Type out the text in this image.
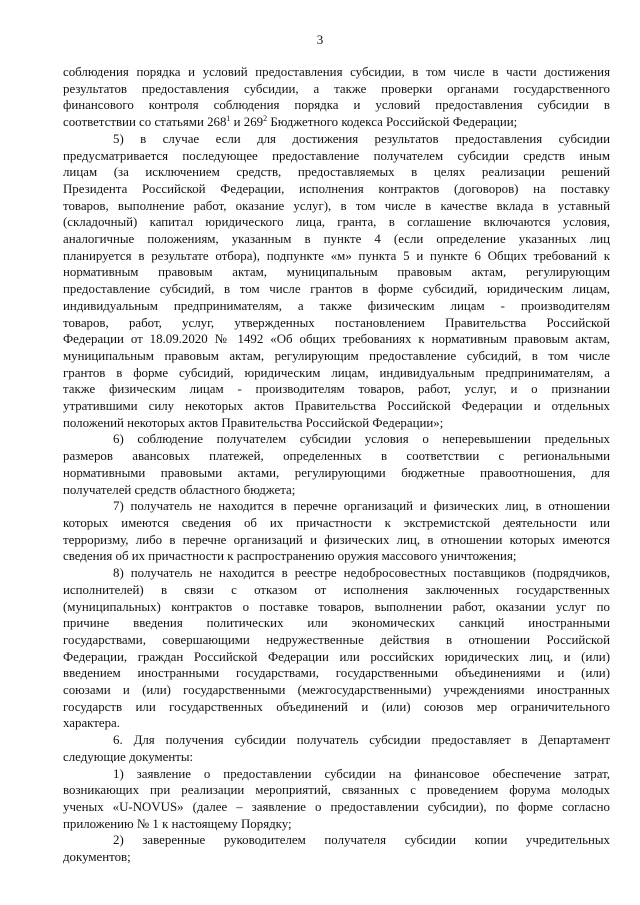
3
соблюдения порядка и условий предоставления субсидии, в том числе в части достижения
результатов предоставления субсидии, а также проверки органами государственного
финансового контроля соблюдения порядка и условий предоставления субсидии в
соответствии со статьями $268^1$ и $269^2$ Бюджетного кодекса Российской Федерации;
5) в случае если для достижения результатов предоставления субсидии
предусматривается последующее предоставление получателем субсидии средств иным
лицам (за исключением средств, предоставляемых в целях реализации решений
Президента Российской Федерации, исполнения контрактов (договоров) на поставку
товаров, выполнение работ, оказание услуг), в том числе в качестве вклада в уставный
(складочный) капитал юридического лица, гранта, в соглашение включаются условия,
аналогичные положениям, указанным в пункте 4 (если определение указанных лиц
планируется в результате отбора), подпункте «м» пункта 5 и пункте 6 Общих требований к
нормативным правовым актам, муниципальным правовым актам, регулирующим
предоставление субсидий, в том числе грантов в форме субсидий, юридическим лицам,
индивидуальным предпринимателям, а также физическим лицам - производителям
товаров, работ, услуг, утвержденных постановлением Правительства Российской
Федерации от 18.09.2020 № 1492 «Об общих требованиях к нормативным правовым актам,
муниципальным правовым актам, регулирующим предоставление субсидий, в том числе
грантов в форме субсидий, юридическим лицам, индивидуальным предпринимателям, а
также физическим лицам - производителям товаров, работ, услуг, и о признании
утратившими силу некоторых актов Правительства Российской Федерации и отдельных
положений некоторых актов Правительства Российской Федерации»;
6) соблюдение получателем субсидии условия о неперевышении предельных
размеров авансовых платежей, определенных в соответствии с региональными
нормативными правовыми актами, регулирующими бюджетные правоотношения, для
получателей средств областного бюджета;
7) получатель не находится в перечне организаций и физических лиц, в отношении
которых имеются сведения об их причастности к экстремистской деятельности или
терроризму, либо в перечне организаций и физических лиц, в отношении которых имеются
сведения об их причастности к распространению оружия массового уничтожения;
8) получатель не находится в реестре недобросовестных поставщиков (подрядчиков,
исполнителей) в связи с отказом от исполнения заключенных государственных
(муниципальных) контрактов о поставке товаров, выполнении работ, оказании услуг по
причине введения политических или экономических санкций иностранными
государствами, совершающими недружественные действия в отношении Российской
Федерации, граждан Российской Федерации или российских юридических лиц, и (или)
введением иностранными государствами, государственными объединениями и (или)
союзами и (или) государственными (межгосударственными) учреждениями иностранных
государств или государственных объединений и (или) союзов мер ограничительного
характера.
6. Для получения субсидии получатель субсидии предоставляет в Департамент
следующие документы:
1) заявление о предоставлении субсидии на финансовое обеспечение затрат,
возникающих при реализации мероприятий, связанных с проведением форума молодых
ученых «U-NOVUS» (далее – заявление о предоставлении субсидии), по форме согласно
приложению № 1 к настоящему Порядку;
2) заверенные руководителем получателя субсидии копии учредительных
документов;
